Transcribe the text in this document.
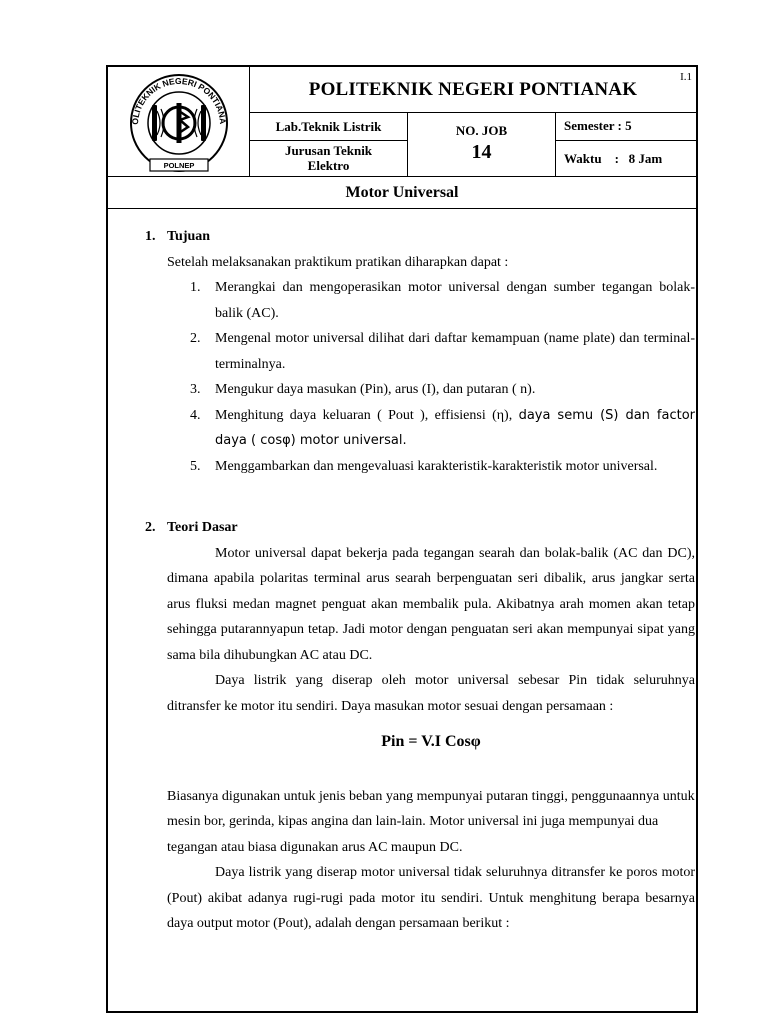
I.1
OLITEKNIK NEGERI PONTIANA
POLNEP
POLITEKNIK NEGERI PONTIANAK
Lab.Teknik Listrik
Jurusan Teknik
Elektro
NO. JOB
14
Semester : 5
Waktu    :   8 Jam
Motor Universal
1. Tujuan

Setelah melaksanakan praktikum pratikan diharapkan dapat :

1. Merangkai dan mengoperasikan motor universal dengan sumber tegangan bolak-balik (AC).
2. Mengenal motor universal dilihat dari daftar kemampuan (name plate) dan terminal-terminalnya.
3. Mengukur daya masukan (Pin), arus (I), dan putaran ( n).
4. Menghitung daya keluaran ( Pout ), effisiensi (η), daya semu (S) dan factor daya ( cosφ) motor universal.
5. Menggambarkan dan mengevaluasi karakteristik-karakteristik motor universal.
2. Teori Dasar

Motor universal dapat bekerja pada tegangan searah dan bolak-balik (AC dan DC), dimana apabila polaritas terminal arus searah berpenguatan seri dibalik, arus jangkar serta arus fluksi medan magnet penguat akan membalik pula. Akibatnya arah momen akan tetap sehingga putarannyapun tetap. Jadi motor dengan penguatan seri akan mempunyai sipat yang sama bila dihubungkan AC atau DC.

Daya listrik yang diserap oleh motor universal sebesar Pin tidak seluruhnya ditransfer ke motor itu sendiri. Daya masukan motor sesuai dengan persamaan :

Pin = V.I Cosφ

Biasanya digunakan untuk jenis beban yang mempunyai putaran tinggi, penggunaannya untuk mesin bor, gerinda, kipas angina dan lain-lain. Motor universal ini juga mempunyai dua tegangan atau biasa digunakan arus AC maupun DC.

Daya listrik yang diserap motor universal tidak seluruhnya ditransfer ke poros motor (Pout) akibat adanya rugi-rugi pada motor itu sendiri. Untuk menghitung berapa besarnya daya output motor (Pout), adalah dengan persamaan berikut :
